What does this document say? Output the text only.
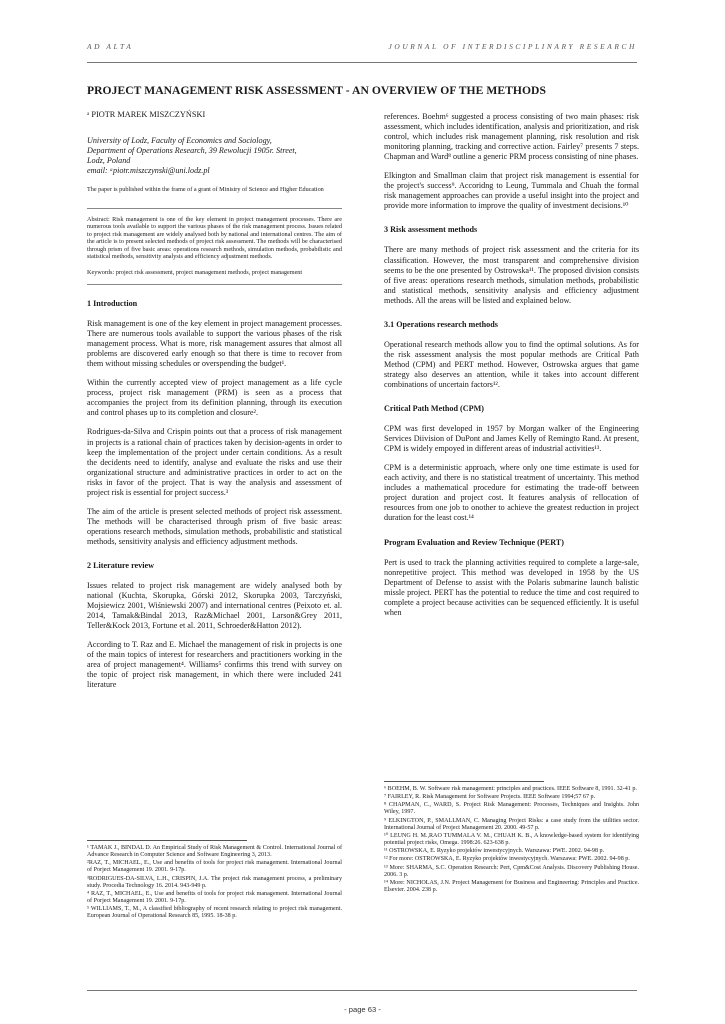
AD ALTA	JOURNAL OF INTERDISCIPLINARY RESEARCH
PROJECT MANAGEMENT RISK ASSESSMENT - AN OVERVIEW OF THE METHODS

ᵃ PIOTR MAREK MISZCZYŃSKI

University of Lodz, Faculty of Economics and Sociology,

Department of Operations Research, 39 Rewolucji 1905r. Street,

Lodz, Poland

email: ᵃpiotr.miszczynski@uni.lodz.pl

The paper is published within the frame of a grant of Ministry of Science and Higher Education

Abstract: Risk management is one of the key element in project management processes. There are numerous tools available to support the various phases of the risk management process. Issues related to project risk management are widely analysed both by national and international centres. The aim of the article is to present selected methods of project risk assessment. The methods will be characterised through prism of five basic areas: operations research methods, simulation methods, probabilistic and statistical methods, sensitivity analysis and efficiency adjustment methods.

Keywords: project risk assessment, project management methods, project management

1 Introduction

Risk management is one of the key element in project management processes. There are numerous tools available to support the various phases of the risk management process. What is more, risk management assures that almost all problems are discovered early enough so that there is time to recover from them without missing schedules or overspending the budget¹.

Within the currently accepted view of project management as a life cycle process, project risk management (PRM) is seen as a process that accompanies the project from its definition planning, through its execution and control phases up to its completion and closure².

Rodrigues-da-Silva and Crispin points out that a process of risk management in projects is a rational chain of practices taken by decision-agents in order to keep the implementation of the project under certain conditions. As a result the decidents need to identify, analyse and evaluate the risks and use their organizational structure and administrative practices in order to act on the risks in favor of the project. That is way the analysis and assessment of project risk is essential for project success.³

The aim of the article is present selected methods of project risk assessment. The methods will be characterised through prism of five basic areas: operations research methods, simulation methods, probabilistic and statistical methods, sensitivity analysis and efficiency adjustment methods.

2 Literature review

Issues related to project risk management are widely analysed both by national (Kuchta, Skorupka, Górski 2012, Skorupka 2003, Tarczyński, Mojsiewicz 2001, Wiśniewski 2007) and international centres (Peixoto et. al. 2014, Tamak&Bindal 2013, Raz&Michael 2001, Larson&Grey 2011, Teller&Kock 2013, Fortune et al. 2011, Schroeder&Hatton 2012).

According to T. Raz and E. Michael the management of risk in projects is one of the main topics of interest for researchers and practitioners working in the area of project management⁴. Williams⁵ confirms this trend with survey on the topic of project risk management, in which there were included 241 literature

¹ TAMAK J., BINDAL D. An Empirical Study of Risk Management & Control. International Journal of Advance Research in Computer Science and Software Engineering 3, 2013.

²RAZ, T., MICHAEL, E., Use and benefits of tools for project risk management. International Journal of Porject Management 19. 2001. 9-17p.

³RODRIGUES-DA-SILVA, L.H., CRISPIN, J.A. The project risk management process, a preliminary study. Procedia Technology 16. 2014. 943-949 p.

⁴ RAZ, T., MICHAEL, E., Use and benefits of tools for project risk management. International Journal of Porject Management 19. 2001. 9-17p.

⁵ WILLIAMS, T., M., A classified bibliography of recent research relating to project risk management. European Journal of Operational Research 85, 1995. 18-38 p.

references. Boehm⁶ suggested a process consisting of two main phases: risk assessment, which includes identification, analysis and prioritization, and risk control, which includes risk management planning, risk resolution and risk monitoring planning, tracking and corrective action. Fairley⁷ presents 7 steps. Chapman and Ward⁸ outline a generic PRM process consisting of nine phases.

Elkington and Smallman claim that project risk management is essential for the project's success⁹. Accoridng to Leung, Tummala and Chuah the formal risk management approaches can provide a useful insight into the project and provide more information to improve the quality of investment decisions.¹⁰

3 Risk assessment methods

There are many methods of project risk assessment and the criteria for its classification. However, the most transparent and comprehensive division seems to be the one presented by Ostrowska¹¹. The proposed division consists of five areas: operations research methods, simulation methods, probabilistic and statistical methods, sensitivity analysis and efficiency adjustment methods. All the areas will be listed and explained below.

3.1 Operations research methods

Operational research methods allow you to find the optimal solutions. As for the risk assessment analysis the most popular methods are Critical Path Method (CPM) and PERT method. However, Ostrowska argues that game strategy also deserves an attention, while it takes into account different combinations of uncertain factors¹².

Critical Path Method (CPM)

CPM was first developed in 1957 by Morgan walker of the Engineering Services Diivision of DuPont and James Kelly of Remingto Rand. At present, CPM is widely empoyed in different areas of industrial activities¹³.

CPM is a deterministic approach, where only one time estimate is used for each activity, and there is no statistical treatment of uncertainty. This method includes a mathematical procedure for estimating the trade-off between project duration and project cost. It features analysis of rellocation of resources from one job to onother to achieve the greatest reduction in project duration for the least cost.¹⁴

Program Evaluation and Review Technique (PERT)

Pert is used to track the planning activities required to complete a large-sale, nonrepetitive project. This method was developed in 1958 by the US Department of Defense to assist with the Polaris submarine launch balistic missle project. PERT has the potential to reduce the time and cost required to complete a project because activities can be sequenced efficiently. It is useful when

⁶ BOEHM, B. W. Software risk management: principles and practices. IEEE Software 8, 1991. 32-41 p.

⁷ FAIRLEY, R. Risk Management for Software Projects. IEEE Software 1994;57 67 p.

⁸ CHAPMAN, C., WARD, S. Project Risk Management: Processes, Techniques and Insights. John Wiley, 1997.

⁹ ELKINGTON, P., SMALLMAN, C. Managing Project Risks: a case study from the utilities sector. International Journal of Project Management 20. 2000. 49-57 p.

¹⁰ LEUNG H. M.,RAO TUMMALA V. M., CHUAH K. B., A knowledge-based system for identifying potential project risks, Omega. 1998:26. 623-638 p.

¹¹ OSTROWSKA, E. Ryzyko projektów inwestycyjnych. Warszawa: PWE. 2002. 94-98 p.

¹² For more: OSTROWSKA, E. Ryzyko projektów inwestycyjnych. Warszawa: PWE. 2002. 94-98 p.

¹³ More: SHARMA, S.C. Operation Research: Pert, Cpm&Cost Analysis. Discovery Publishing House. 2006. 3 p.

¹⁴ More: NICHOLAS, J.N. Project Management for Business and Engineering: Principles and Practice. Elsevier. 2004. 238 p.

- page 63 -
